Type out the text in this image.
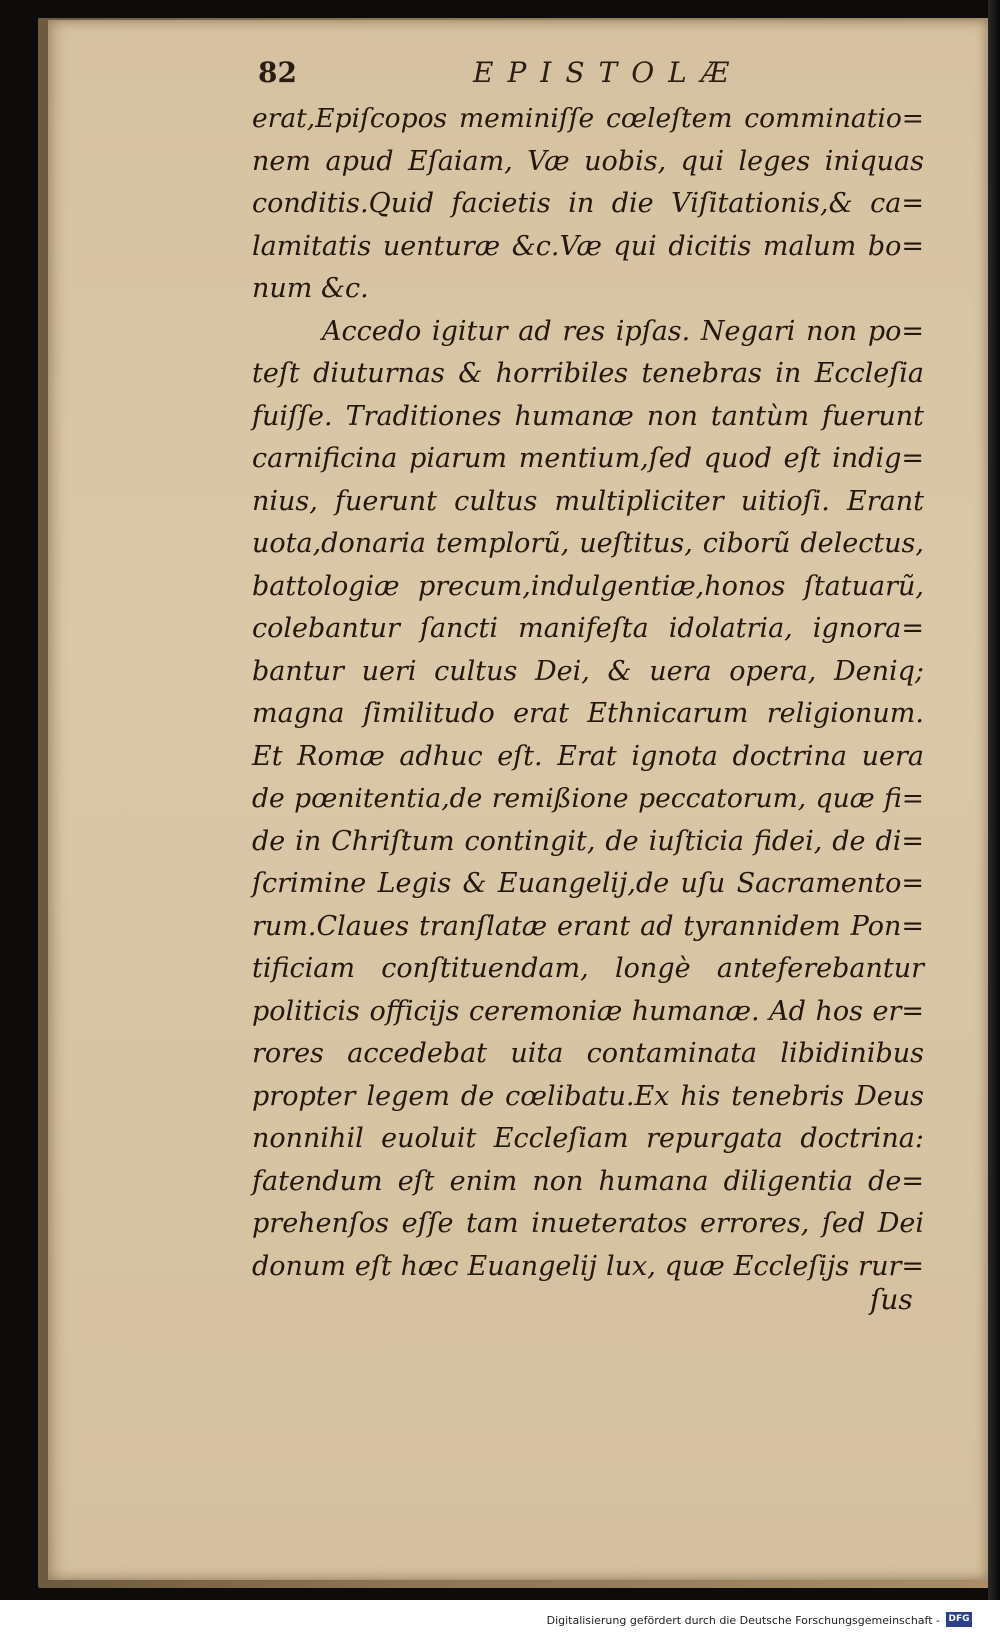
82	EPISTOLÆ
erat,Epiſcopos meminiſſe cœleſtem comminatio=
nem apud Eſaiam, Væ uobis, qui leges iniquas
conditis.Quid facietis in die Viſitationis,& ca=
lamitatis uenturæ &c.Væ qui dicitis malum bo=
num &c.
Accedo igitur ad res ipſas. Negari non po=
teſt diuturnas & horribiles tenebras in Eccleſia
fuiſſe. Traditiones humanæ non tantùm fuerunt
carnificina piarum mentium,ſed quod eſt indig=
nius, fuerunt cultus multipliciter uitioſi. Erant
uota,donaria templorũ, ueſtitus, ciborũ delectus,
battologiæ precum,indulgentiæ,honos ſtatuarũ,
colebantur ſancti manifeſta idolatria, ignora=
bantur ueri cultus Dei, & uera opera, Deniq;
magna ſimilitudo erat Ethnicarum religionum.
Et Romæ adhuc eſt. Erat ignota doctrina uera
de pœnitentia,de remißione peccatorum, quæ fi=
de in Chriſtum contingit, de iuſticia fidei, de di=
ſcrimine Legis & Euangelij,de uſu Sacramento=
rum.Claues tranſlatæ erant ad tyrannidem Pon=
tificiam conſtituendam, longè anteferebantur
politicis officijs ceremoniæ humanæ. Ad hos er=
rores accedebat uita contaminata libidinibus
propter legem de cœlibatu.Ex his tenebris Deus
nonnihil euoluit Eccleſiam repurgata doctrina:
fatendum eſt enim non humana diligentia de=
prehenſos eſſe tam inueteratos errores, ſed Dei
donum eſt hæc Euangelij lux, quæ Eccleſijs rur=
ſus
Digitalisierung gefördert durch die Deutsche Forschungsgemeinschaft - DFG
